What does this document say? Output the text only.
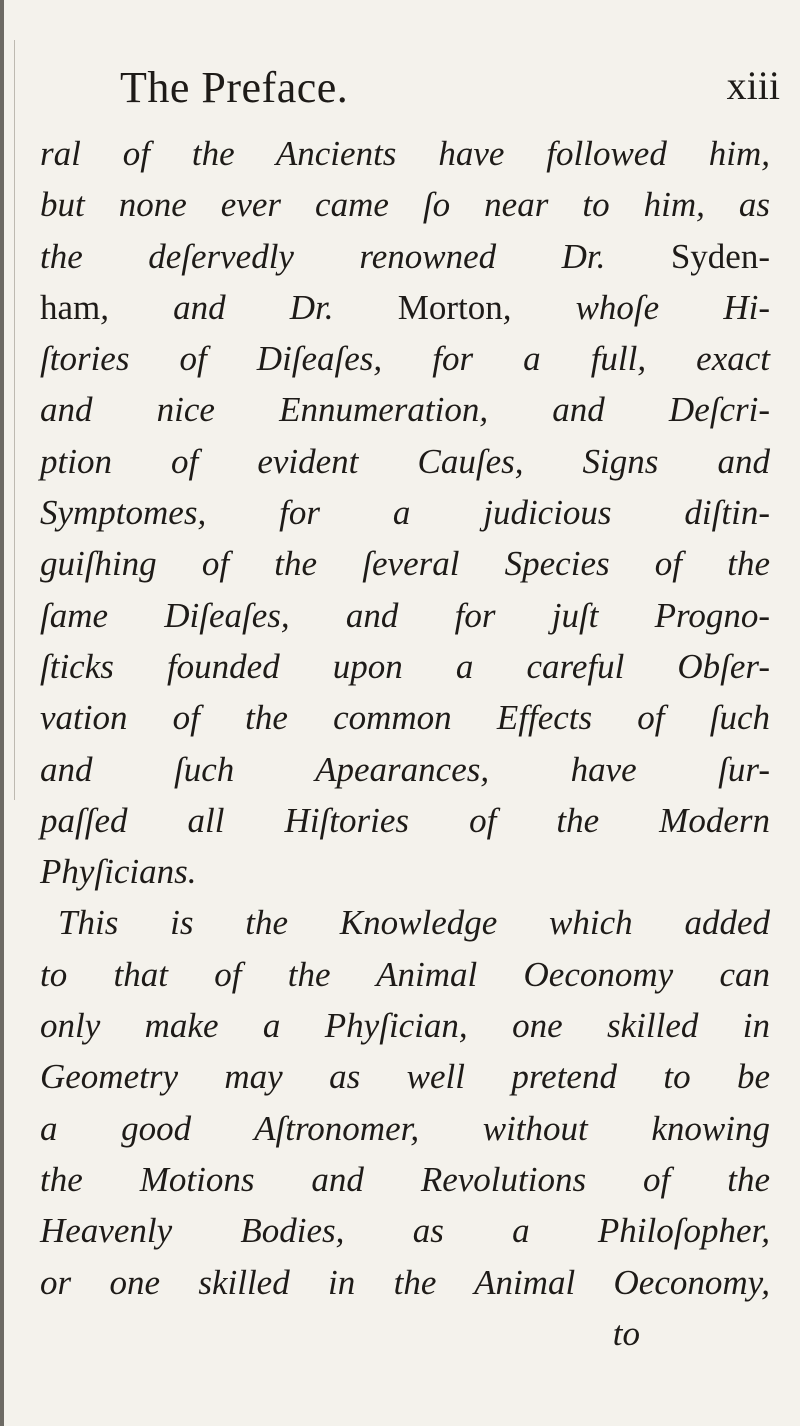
The Preface.	xiii
ral of the Ancients have followed him,
but none ever came ſo near to him, as
the deſervedly renowned Dr. Syden-
ham, and Dr. Morton, whoſe Hi-
ſtories of Diſeaſes, for a full, exact
and nice Ennumeration, and Deſcri-
ption of evident Cauſes, Signs and
Symptomes, for a judicious diſtin-
guiſhing of the ſeveral Species of the
ſame Diſeaſes, and for juſt Progno-
ſticks founded upon a careful Obſer-
vation of the common Effects of ſuch
and ſuch Apearances, have ſur-
paſſed all Hiſtories of the Modern
Phyſicians.
This is the Knowledge which added
to that of the Animal Oeconomy can
only make a Phyſician, one skilled in
Geometry may as well pretend to be
a good Aſtronomer, without knowing
the Motions and Revolutions of the
Heavenly Bodies, as a Philoſopher,
or one skilled in the Animal Oeconomy,
to
